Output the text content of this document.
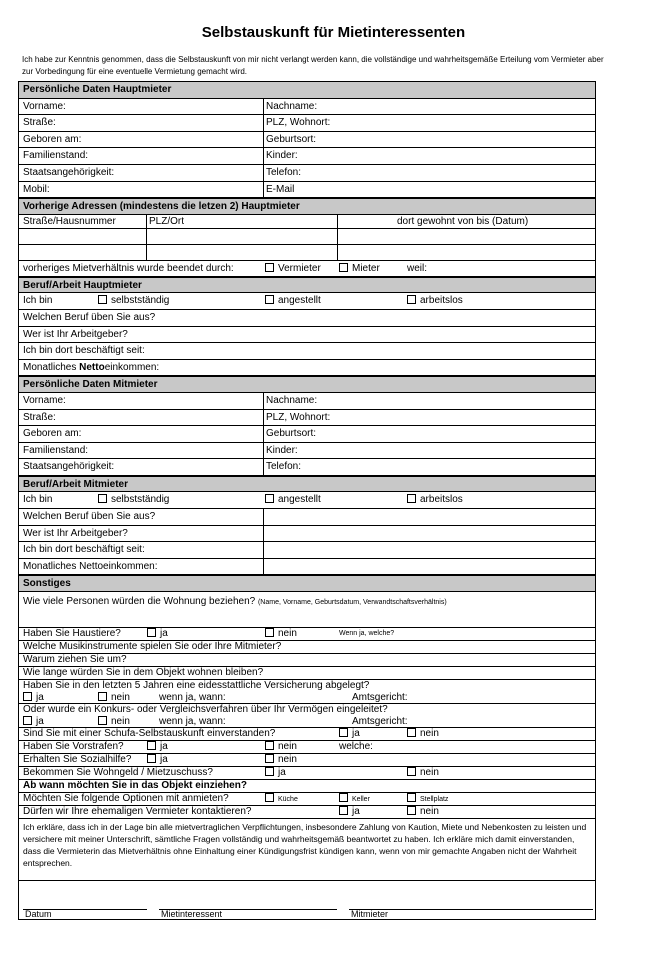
Selbstauskunft für Mietinteressenten
Ich habe zur Kenntnis genommen, dass die Selbstauskunft von mir nicht verlangt werden kann, die vollständige und wahrheitsgemäße Erteilung vom Vermieter aber zur Vorbedingung für eine eventuelle Vermietung gemacht wird.
Persönliche Daten Hauptmieter
Vorname:	Nachname:
Straße:	PLZ, Wohnort:
Geboren am:	Geburtsort:
Familienstand:	Kinder:
Staatsangehörigkeit:	Telefon:
Mobil:	E-Mail
Vorherige Adressen (mindestens die letzen 2) Hauptmieter
Straße/Hausnummer	PLZ/Ort	dort gewohnt von bis (Datum)
vorheriges Mietverhältnis wurde beendet durch:	Vermieter	Mieter	weil:
Beruf/Arbeit Hauptmieter
Ich bin	selbstständig	angestellt	arbeitslos
Welchen Beruf üben Sie aus?
Wer ist Ihr Arbeitgeber?
Ich bin dort beschäftigt seit:
Monatliches Nettoeinkommen:
Persönliche Daten Mitmieter
Vorname:	Nachname:
Straße:	PLZ, Wohnort:
Geboren am:	Geburtsort:
Familienstand:	Kinder:
Staatsangehörigkeit:	Telefon:
Beruf/Arbeit Mitmieter
Ich bin	selbstständig	angestellt	arbeitslos
Welchen Beruf üben Sie aus?
Wer ist Ihr Arbeitgeber?
Ich bin dort beschäftigt seit:
Monatliches Nettoeinkommen:
Sonstiges
Wie viele Personen würden die Wohnung beziehen? (Name, Vorname, Geburtsdatum, Verwandtschaftsverhältnis)
Haben Sie Haustiere?	ja	nein	Wenn ja, welche?
Welche Musikinstrumente spielen Sie oder Ihre Mitmieter?
Warum ziehen Sie um?
Wie lange würden Sie in dem Objekt wohnen bleiben?
Haben Sie in den letzten 5 Jahren eine eidesstattliche Versicherung abgelegt?
ja	nein	wenn ja, wann:	Amtsgericht:
Oder wurde ein Konkurs- oder Vergleichsverfahren über Ihr Vermögen eingeleitet?
ja	nein	wenn ja, wann:	Amtsgericht:
Sind Sie mit einer Schufa-Selbstauskunft einverstanden?	ja	nein
Haben Sie Vorstrafen?	ja	nein	welche:
Erhalten Sie Sozialhilfe?	ja	nein
Bekommen Sie Wohngeld / Mietzuschuss?	ja	nein
Ab wann möchten Sie in das Objekt einziehen?
Möchten Sie folgende Optionen mit anmieten?	Küche	Keller	Stellplatz
Dürfen wir Ihre ehemaligen Vermieter kontaktieren?	ja	nein
Ich erkläre, dass ich in der Lage bin alle mietvertraglichen Verpflichtungen, insbesondere Zahlung von Kaution, Miete und Nebenkosten zu leisten und versichere mit meiner Unterschrift, sämtliche Fragen vollständig und wahrheitsgemäß beantwortet zu haben. Ich erkläre mich damit einverstanden, dass die Vermieterin das Mietverhältnis ohne Einhaltung einer Kündigungsfrist kündigen kann, wenn von mir gemachte Angaben nicht der Wahrheit entsprechen.
Datum	Mietinteressent	Mitmieter
